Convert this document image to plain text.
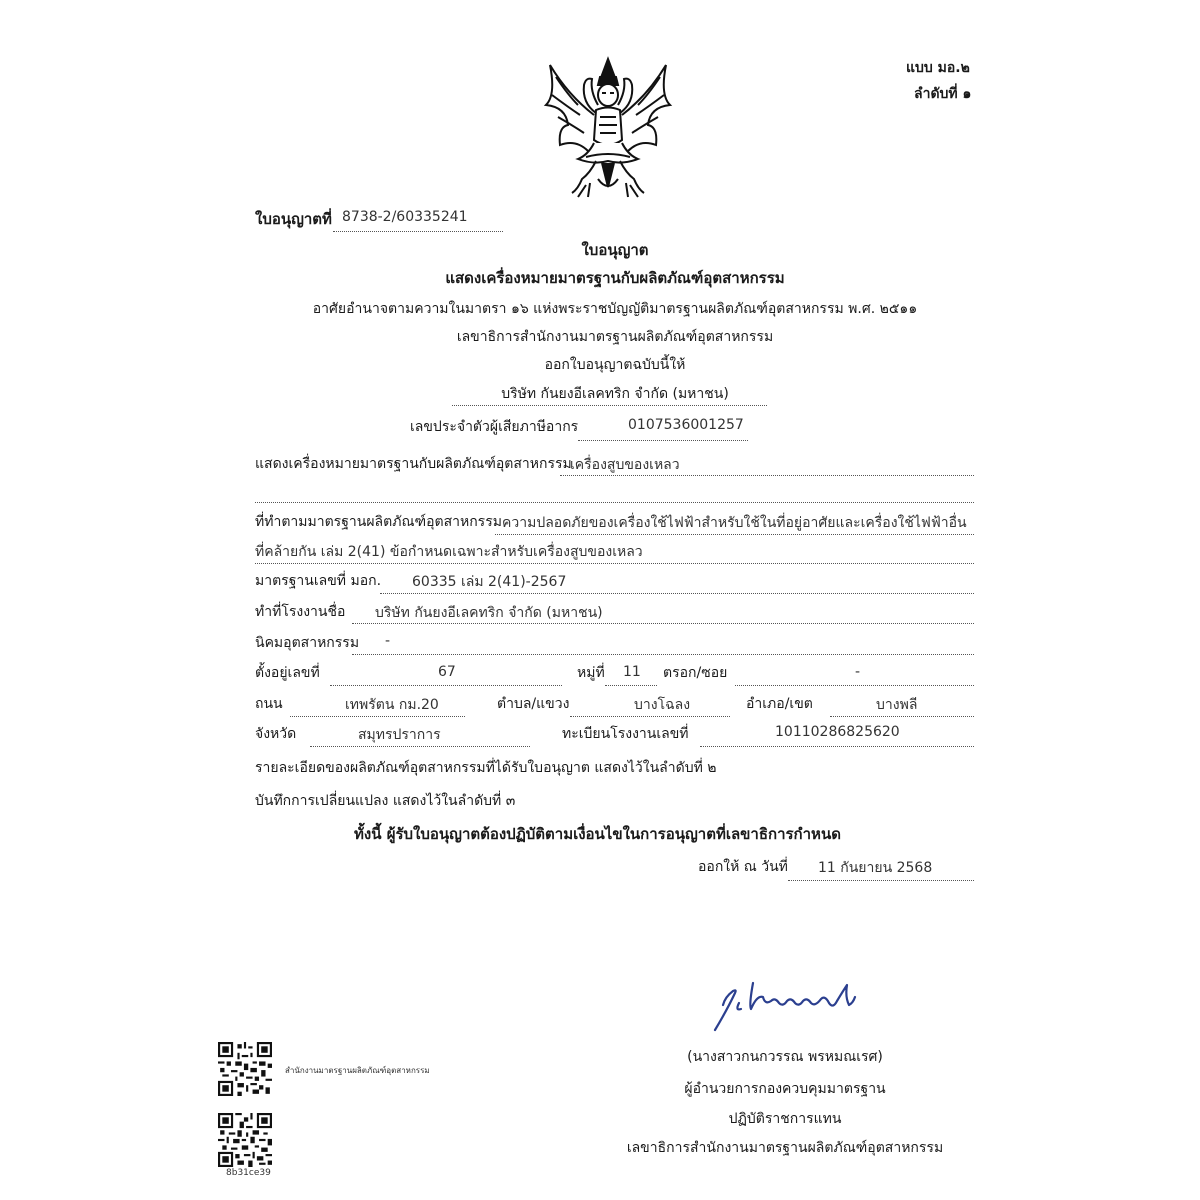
แบบ มอ.๒
ลำดับที่ ๑
ใบอนุญาตที่ 8738-2/60335241
ใบอนุญาต
แสดงเครื่องหมายมาตรฐานกับผลิตภัณฑ์อุตสาหกรรม
อาศัยอำนาจตามความในมาตรา ๑๖ แห่งพระราชบัญญัติมาตรฐานผลิตภัณฑ์อุตสาหกรรม พ.ศ. ๒๕๑๑
เลขาธิการสำนักงานมาตรฐานผลิตภัณฑ์อุตสาหกรรม
ออกใบอนุญาตฉบับนี้ให้
บริษัท กันยงอีเลคทริก จำกัด (มหาชน)
เลขประจำตัวผู้เสียภาษีอากร	0107536001257
แสดงเครื่องหมายมาตรฐานกับผลิตภัณฑ์อุตสาหกรรม
เครื่องสูบของเหลว
ที่ทำตามมาตรฐานผลิตภัณฑ์อุตสาหกรรม ความปลอดภัยของเครื่องใช้ไฟฟ้าสำหรับใช้ในที่อยู่อาศัยและเครื่องใช้ไฟฟ้าอื่น
ที่คล้ายกัน เล่ม 2(41) ข้อกำหนดเฉพาะสำหรับเครื่องสูบของเหลว
มาตรฐานเลขที่ มอก. 60335 เล่ม 2(41)-2567
ทำที่โรงงานชื่อ บริษัท กันยงอีเลคทริก จำกัด (มหาชน)
นิคมอุตสาหกรรม -
ตั้งอยู่เลขที่	67	หมู่ที่ 11 ตรอก/ซอย	-
ถนน	เทพรัตน กม.20	ตำบล/แขวง	บางโฉลง	อำเภอ/เขต	บางพลี
จังหวัด	สมุทรปราการ	ทะเบียนโรงงานเลขที่	10110286825620
รายละเอียดของผลิตภัณฑ์อุตสาหกรรมที่ได้รับใบอนุญาต แสดงไว้ในลำดับที่ ๒
บันทึกการเปลี่ยนแปลง แสดงไว้ในลำดับที่ ๓
ทั้งนี้ ผู้รับใบอนุญาตต้องปฏิบัติตามเงื่อนไขในการอนุญาตที่เลขาธิการกำหนด
ออกให้ ณ วันที่ 11 กันยายน 2568
(นางสาวกนกวรรณ พรหมณเรศ)
ผู้อำนวยการกองควบคุมมาตรฐาน
ปฏิบัติราชการแทน
เลขาธิการสำนักงานมาตรฐานผลิตภัณฑ์อุตสาหกรรม
สำนักงานมาตรฐานผลิตภัณฑ์อุตสาหกรรม
8b31ce39
